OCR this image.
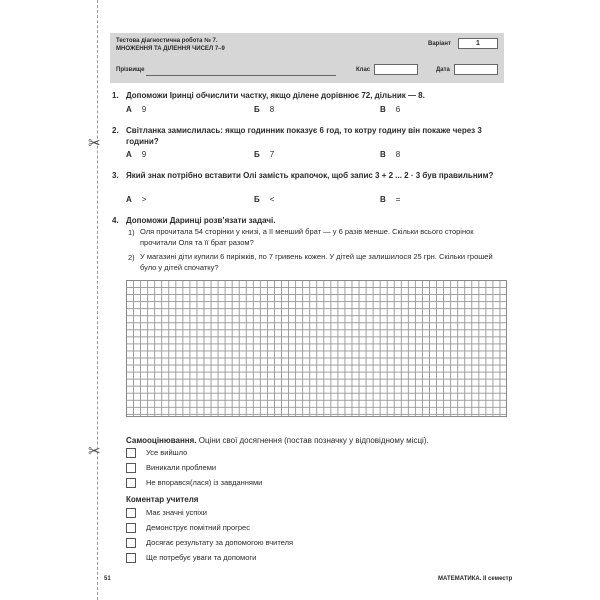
✂
✂
Тестова діагностична робота № 7.
МНОЖЕННЯ ТА ДІЛЕННЯ ЧИСЕЛ 7–9
Варіант	1
Прізвище	Клас	Дата
1. Допоможи Іринці обчислити частку, якщо ділене дорівнює 72, дільник — 8.
А 9	Б 8	В 6
2. Світланка замислилась: якщо годинник показує 6 год, то котру годину він покаже через 3 години?
А 9	Б 7	В 8
3. Який знак потрібно вставити Олі замість крапочок, щоб запис 3 + 2 ... 2 · 3 був правильним?
А >	Б <	В =
4. Допоможи Даринці розв’язати задачі.
1) Оля прочитала 54 сторінки у книзі, а її менший брат — у 6 разів менше. Скільки всього сторінок прочитали Оля та її брат разом?
2) У магазині діти купили 6 пиріжків, по 7 гривень кожен. У дітей ще залишилося 25 грн. Скільки грошей було у дітей спочатку?
Самооцінювання. Оціни свої досягнення (постав позначку у відповідному місці).
Усе вийшло
Виникали проблеми
Не впорався(лася) із завданнями
Коментар учителя
Має значні успіхи
Демонструє помітний прогрес
Досягає результату за допомогою вчителя
Ще потребує уваги та допомоги
51	МАТЕМАТИКА. II семестр
